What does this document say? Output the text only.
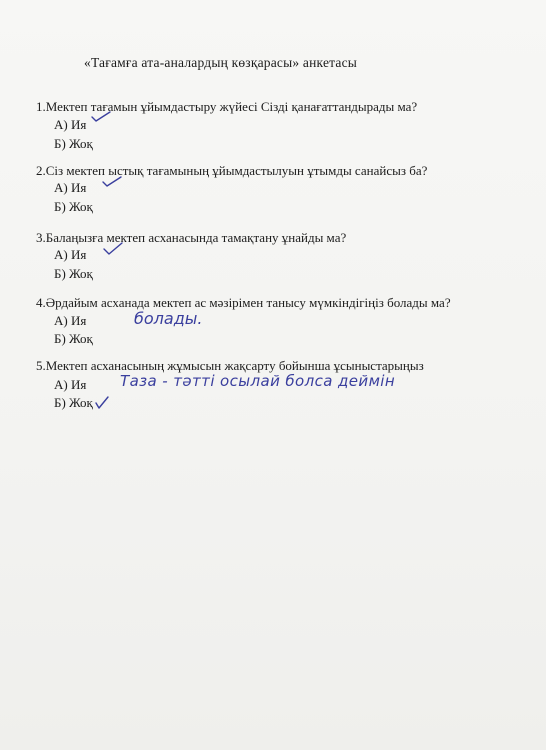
«Тағамға ата-аналардың көзқарасы» анкетасы
1.Мектеп тағамын ұйымдастыру жүйесі Сізді қанағаттандырады ма?
А) Ия
Б) Жоқ
2.Сіз мектеп ыстық тағамының ұйымдастылуын ұтымды санайсыз ба?
А) Ия
Б) Жоқ
3.Балаңызға мектеп асханасында тамақтану ұнайды ма?
А) Ия
Б) Жоқ
4.Әрдайым асханада мектеп ас мәзірімен танысу мүмкіндігіңіз болады ма?
А) Ия
Б) Жоқ
болады.
5.Мектеп асханасының жұмысын жақсарту бойынша ұсыныстарыңыз
А) Ия
Б) Жоқ
Таза - тәтті осылай болса деймін
